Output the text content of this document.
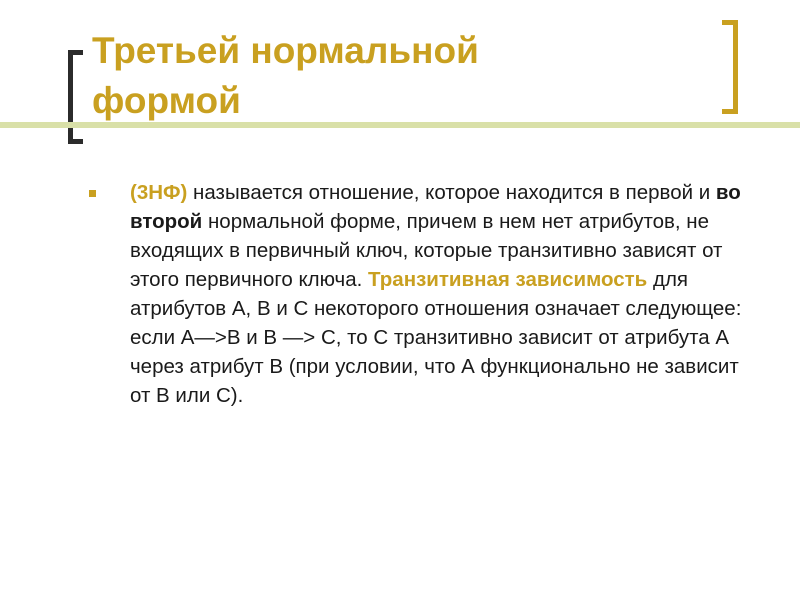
Третьей нормальной
формой
(3НФ) называется отношение, которое находится в первой и во второй нормальной форме, причем в нем нет атрибутов, не входящих в первичный ключ, которые транзитивно зависят от этого первичного ключа. Транзитивная зависимость для атрибутов А, В и С некоторого отношения означает следующее: если А—>В и В —> С, то С транзитивно зависит от атрибута А через атрибут В (при условии, что А функционально не зависит от В или С).
